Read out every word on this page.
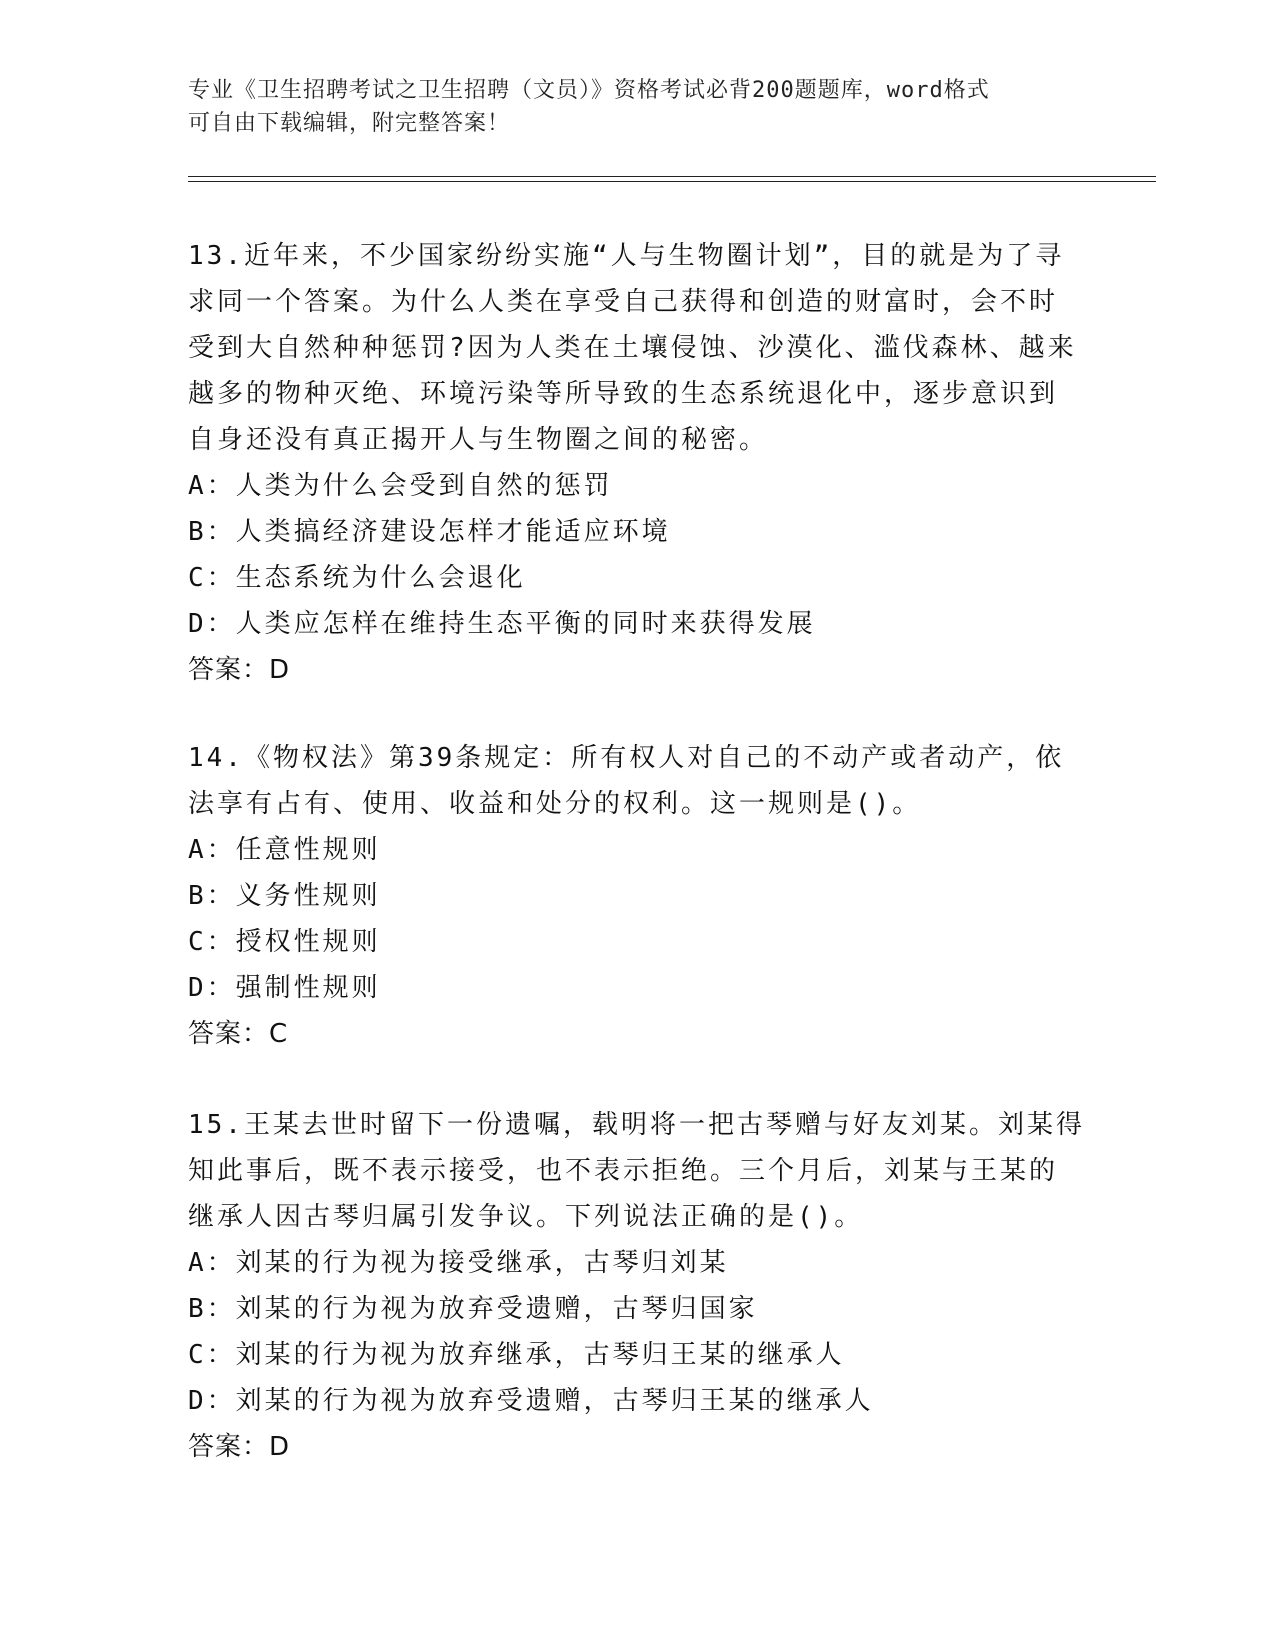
专业《卫生招聘考试之卫生招聘（文员）》资格考试必背200题题库，word格式
可自由下载编辑，附完整答案！

13.近年来，不少国家纷纷实施“人与生物圈计划”，目的就是为了寻

求同一个答案。为什么人类在享受自己获得和创造的财富时，会不时

受到大自然种种惩罚?因为人类在土壤侵蚀、沙漠化、滥伐森林、越来

越多的物种灭绝、环境污染等所导致的生态系统退化中，逐步意识到

自身还没有真正揭开人与生物圈之间的秘密。

A：人类为什么会受到自然的惩罚

B：人类搞经济建设怎样才能适应环境

C：生态系统为什么会退化

D：人类应怎样在维持生态平衡的同时来获得发展

答案：D

14.《物权法》第39条规定：所有权人对自己的不动产或者动产，依

法享有占有、使用、收益和处分的权利。这一规则是()。

A：任意性规则

B：义务性规则

C：授权性规则

D：强制性规则

答案：C

15.王某去世时留下一份遗嘱，载明将一把古琴赠与好友刘某。刘某得

知此事后，既不表示接受，也不表示拒绝。三个月后，刘某与王某的

继承人因古琴归属引发争议。下列说法正确的是()。

A：刘某的行为视为接受继承，古琴归刘某

B：刘某的行为视为放弃受遗赠，古琴归国家

C：刘某的行为视为放弃继承，古琴归王某的继承人

D：刘某的行为视为放弃受遗赠，古琴归王某的继承人

答案：D
